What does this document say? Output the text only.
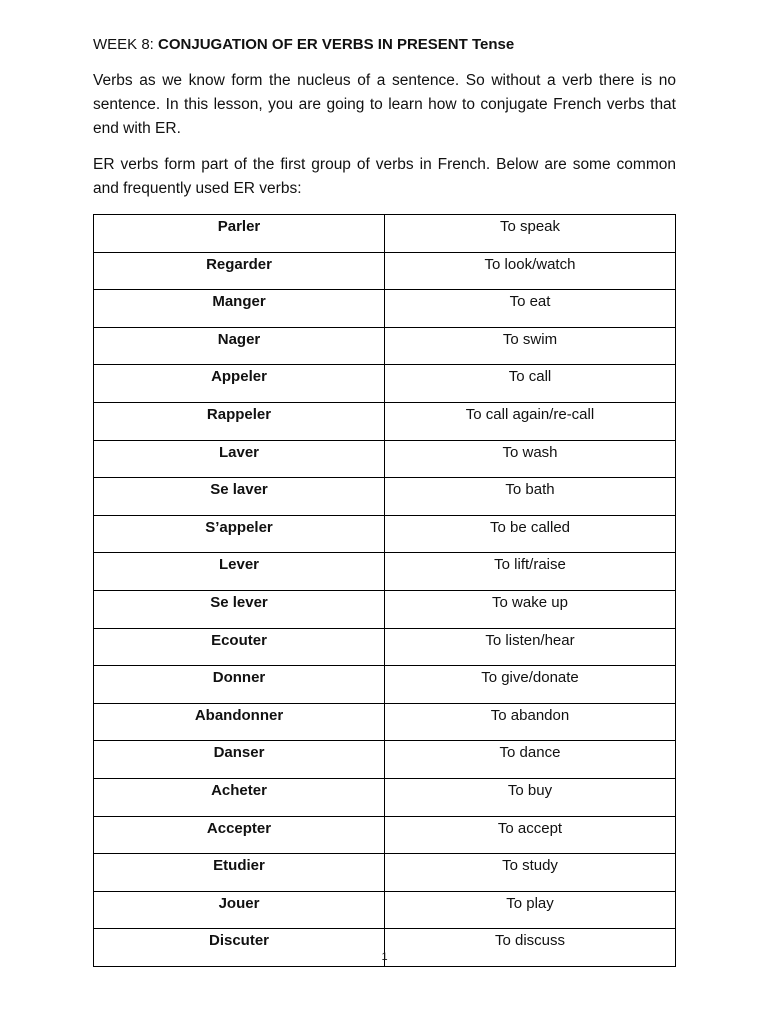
WEEK 8: CONJUGATION OF ER VERBS IN PRESENT Tense
Verbs as we know form the nucleus of a sentence. So without a verb there is no sentence. In this lesson, you are going to learn how to conjugate French verbs that end with ER.
ER verbs form part of the first group of verbs in French. Below are some common and frequently used ER verbs:
Parler	To speak
Regarder	To look/watch
Manger	To eat
Nager	To swim
Appeler	To call
Rappeler	To call again/re-call
Laver	To wash
Se laver	To bath
S’appeler	To be called
Lever	To lift/raise
Se lever	To wake up
Ecouter	To listen/hear
Donner	To give/donate
Abandonner	To abandon
Danser	To dance
Acheter	To buy
Accepter	To accept
Etudier	To study
Jouer	To play
Discuter	To discuss
1
